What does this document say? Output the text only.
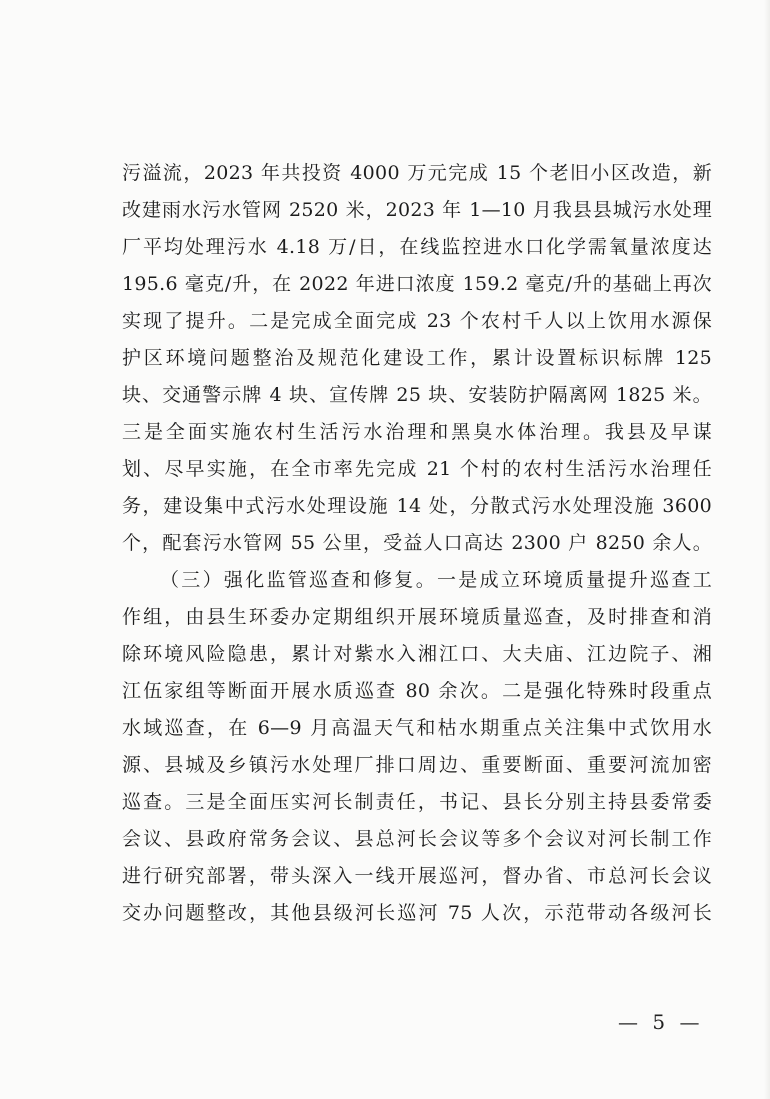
污溢流，2023 年共投资 4000 万元完成 15 个老旧小区改造，新
改建雨水污水管网 2520 米，2023 年 1—10 月我县县城污水处理
厂平均处理污水 4.18 万/日，在线监控进水口化学需氧量浓度达
195.6 毫克/升，在 2022 年进口浓度 159.2 毫克/升的基础上再次
实现了提升。二是完成全面完成 23 个农村千人以上饮用水源保
护区环境问题整治及规范化建设工作，累计设置标识标牌 125
块、交通警示牌 4 块、宣传牌 25 块、安装防护隔离网 1825 米。
三是全面实施农村生活污水治理和黑臭水体治理。我县及早谋
划、尽早实施，在全市率先完成 21 个村的农村生活污水治理任
务，建设集中式污水处理设施 14 处，分散式污水处理没施 3600
个，配套污水管网 55 公里，受益人口高达 2300 户 8250 余人。
（三）强化监管巡查和修复。一是成立环境质量提升巡查工
作组，由县生环委办定期组织开展环境质量巡查，及时排查和消
除环境风险隐患，累计对紫水入湘江口、大夫庙、江边院子、湘
江伍家组等断面开展水质巡查 80 余次。二是强化特殊时段重点
水域巡查，在 6—9 月高温天气和枯水期重点关注集中式饮用水
源、县城及乡镇污水处理厂排口周边、重要断面、重要河流加密
巡查。三是全面压实河长制责任，书记、县长分别主持县委常委
会议、县政府常务会议、县总河长会议等多个会议对河长制工作
进行研究部署，带头深入一线开展巡河，督办省、市总河长会议
交办问题整改，其他县级河长巡河 75 人次，示范带动各级河长
— 5 —
